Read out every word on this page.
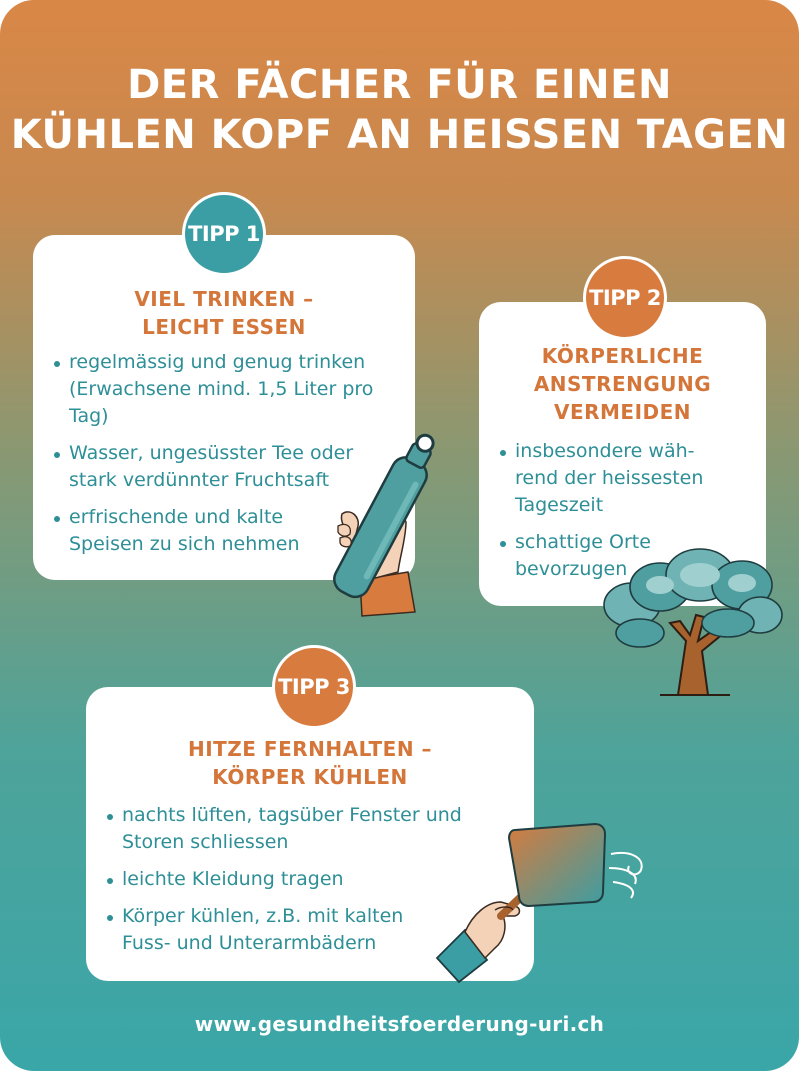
DER FÄCHER FÜR EINEN
KÜHLEN KOPF AN HEISSEN TAGEN
VIEL TRINKEN –
LEICHT ESSEN
regelmässig und genug trinken (Erwachsene mind. 1,5 Liter pro Tag)
Wasser, ungesüsster Tee oder stark verdünnter Fruchtsaft
erfrischende und kalte Speisen zu sich nehmen
TIPP 1
KÖRPERLICHE
ANSTRENGUNG
VERMEIDEN
insbesondere wäh-rend der heissesten Tageszeit
schattige Orte bevorzugen
TIPP 2
HITZE FERNHALTEN –
KÖRPER KÜHLEN
nachts lüften, tagsüber Fenster und Storen schliessen
leichte Kleidung tragen
Körper kühlen, z.B. mit kalten Fuss- und Unterarmbädern
TIPP 3
www.gesundheitsfoerderung-uri.ch
